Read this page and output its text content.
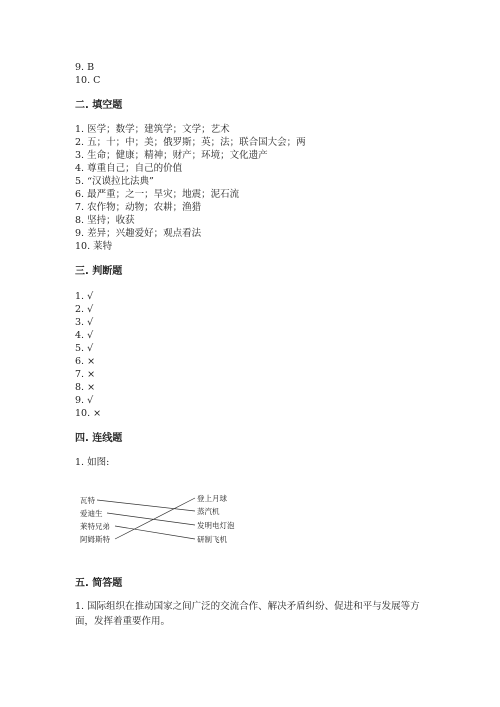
9. B
10. C
二. 填空题
1. 医学；数学；建筑学；文学；艺术
2. 五；十；中；美；俄罗斯；英；法；联合国大会；两
3. 生命；健康；精神；财产；环境；文化遗产
4. 尊重自己；自己的价值
5. “汉谟拉比法典”
6. 最严重；之一；旱灾；地震；泥石流
7. 农作物；动物；农耕；渔猎
8. 坚持；收获
9. 差异；兴趣爱好；观点看法
10. 莱特
三. 判断题
1. √
2. √
3. √
4. √
5. √
6. ×
7. ×
8. ×
9. √
10. ×
四. 连线题
1. 如图:
瓦特
爱迪生
莱特兄弟
阿姆斯特
登上月球
蒸汽机
发明电灯泡
研制飞机
五. 简答题
1. 国际组织在推动国家之间广泛的交流合作、解决矛盾纠纷、促进和平与发展等方面，发挥着重要作用。
